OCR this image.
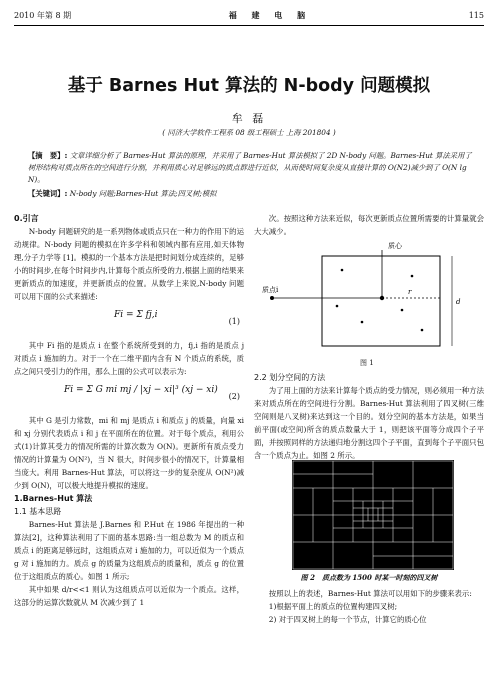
2010 年第 8 期	福 建 电 脑	115
基于 Barnes Hut 算法的 N-body 问题模拟
牟 磊
( 同济大学软件工程系 08 级工程硕士 上海 201804 )
【摘　要】: 文章详细分析了 Barnes-Hut 算法的原理，并采用了 Barnes-Hut 算法模拟了 2D N-body 问题。Barnes-Hut 算法采用了树形结构对质点所在的空间进行分割，并利用质心对足够远的质点群进行近似，从而使时间复杂度从直接计算的 O(N2)减少到了 O(N lg N)。
【关键词】: N-body 问题;Barnes-Hut 算法;四叉树;模拟
0.引言

N-body 问题研究的是一系列物体或质点只在一种力的作用下的运动规律。N-body 问题的模拟在许多学科和领域内都有应用,如天体物理,分子力学等 [1]。模拟的一个基本方法是把时间划分成连续的，足够小的时间步,在每个时间步内,计算每个质点所受的力,根据上面的结果来更新质点的加速度，并更新质点的位置。从数学上来说,N-body 问题可以用下面的公式来描述:

Fi = Σ fj,i
(1)

其中 Fi 指的是质点 i 在整个系统所受到的力，fj,i 指的是质点 j 对质点 i 施加的力。对于一个在二维平面内含有 N 个质点的系统，质点之间只受引力的作用，那么上面的公式可以表示为:

Fi = Σ G mi mj / |xj − xi|³ (xj − xi)
(2)

其中 G 是引力常数，mi 和 mj 是质点 i 和质点 j 的质量，向量 xi 和 xj 分别代表质点 i 和 j 在平面所在的位置。对于每个质点，利用公式(1)计算其受力的情况所需的计算次数为 O(N)。更新所有质点受力情况的计算量为 O(N²)，当 N 很大，时间步很小的情况下，计算量相当庞大。利用 Barnes-Hut 算法，可以将这一步的复杂度从 O(N²)减少到 O(N)，可以极大地提升模拟的速度。

1.Barnes-Hut 算法
1.1 基本思路

Barnes-Hut 算法是 J.Barnes 和 P.Hut 在 1986 年提出的一种算法[2]，这种算法利用了下面的基本思路:当一组总数为 M 的质点和质点 i 的距离足够远时，这组质点对 i 施加的力，可以近似为一个质点 g 对 i 施加的力。质点 g 的质量为这组质点的质量和，质点 g 的位置位于这组质点的质心。如图 1 所示;

其中如果 d/r<<1 则认为这组质点可以近似为一个质点。这样，这部分的运算次数就从 M 次减少到了 1

次。按照这种方法来近似，每次更新质点位置所需要的计算量就会大大减少。

质心
质点i	r
d
图 1
2.2 划分空间的方法

为了用上面的方法来计算每个质点的受力情况，则必须用一种方法来对质点所在的空间进行分割。Barnes-Hut 算法利用了四叉树(三维空间则是八叉树)来达到这一个目的。划分空间的基本方法是，如果当前平面(或空间)所含的质点数量大于 1，则把该平面等分成四个子平面，并按照同样的方法递归地分割这四个子平面，直到每个子平面只包含一个质点为止。如图 2 所示。

图 2　质点数为 1500 时某一时刻的四叉树

按照以上的表述，Barnes-Hut 算法可以用如下的步骤来表示:

1)根据平面上的质点的位置构建四叉树;

2) 对于四叉树上的每一个节点，计算它的质心位
